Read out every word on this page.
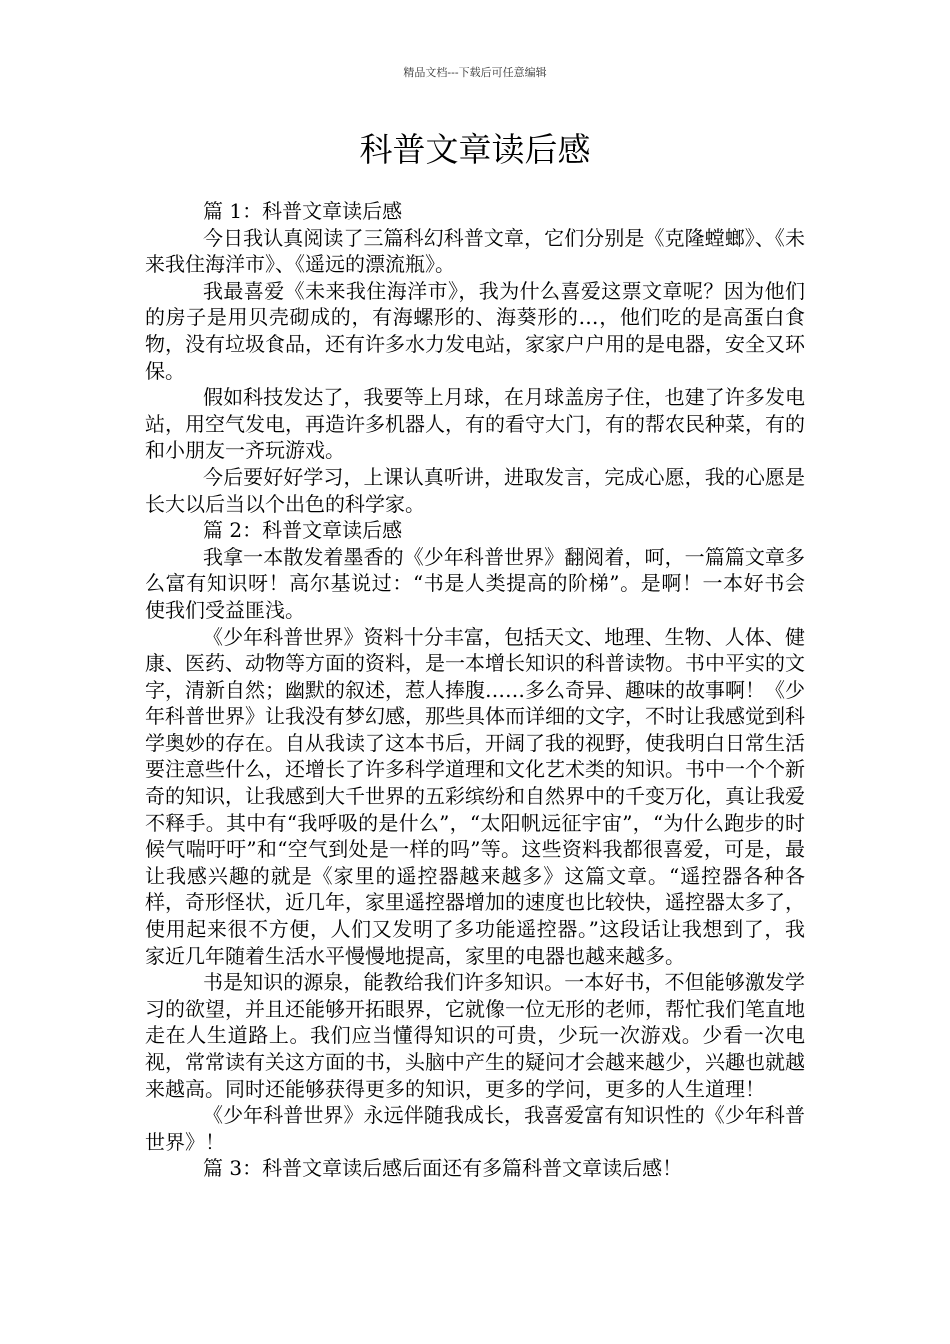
精品文档---下载后可任意编辑
科普文章读后感

篇 1：科普文章读后感

今日我认真阅读了三篇科幻科普文章，它们分别是《克隆螳螂》、《未来我住海洋市》、《遥远的漂流瓶》。

我最喜爱《未来我住海洋市》，我为什么喜爱这票文章呢？因为他们的房子是用贝壳砌成的，有海螺形的、海葵形的…，他们吃的是高蛋白食物，没有垃圾食品，还有许多水力发电站，家家户户用的是电器，安全又环保。

假如科技发达了，我要等上月球，在月球盖房子住，也建了许多发电站，用空气发电，再造许多机器人，有的看守大门，有的帮农民种菜，有的和小朋友一齐玩游戏。

今后要好好学习，上课认真听讲，进取发言，完成心愿，我的心愿是长大以后当以个出色的科学家。

篇 2：科普文章读后感

我拿一本散发着墨香的《少年科普世界》翻阅着，呵，一篇篇文章多么富有知识呀！高尔基说过：“书是人类提高的阶梯”。是啊！一本好书会使我们受益匪浅。

《少年科普世界》资料十分丰富，包括天文、地理、生物、人体、健康、医药、动物等方面的资料，是一本增长知识的科普读物。书中平实的文字，清新自然；幽默的叙述，惹人捧腹……多么奇异、趣味的故事啊！《少年科普世界》让我没有梦幻感，那些具体而详细的文字，不时让我感觉到科学奥妙的存在。自从我读了这本书后，开阔了我的视野，使我明白日常生活要注意些什么，还增长了许多科学道理和文化艺术类的知识。书中一个个新奇的知识，让我感到大千世界的五彩缤纷和自然界中的千变万化，真让我爱不释手。其中有“我呼吸的是什么”，“太阳帆远征宇宙”，“为什么跑步的时候气喘吁吁”和“空气到处是一样的吗”等。这些资料我都很喜爱，可是，最让我感兴趣的就是《家里的遥控器越来越多》这篇文章。“遥控器各种各样，奇形怪状，近几年，家里遥控器增加的速度也比较快，遥控器太多了，使用起来很不方便，人们又发明了多功能遥控器。”这段话让我想到了，我家近几年随着生活水平慢慢地提高，家里的电器也越来越多。

书是知识的源泉，能教给我们许多知识。一本好书，不但能够激发学习的欲望，并且还能够开拓眼界，它就像一位无形的老师，帮忙我们笔直地走在人生道路上。我们应当懂得知识的可贵，少玩一次游戏。少看一次电视，常常读有关这方面的书，头脑中产生的疑问才会越来越少，兴趣也就越来越高。同时还能够获得更多的知识，更多的学问，更多的人生道理！

《少年科普世界》永远伴随我成长，我喜爱富有知识性的《少年科普世界》！

篇 3：科普文章读后感后面还有多篇科普文章读后感！
